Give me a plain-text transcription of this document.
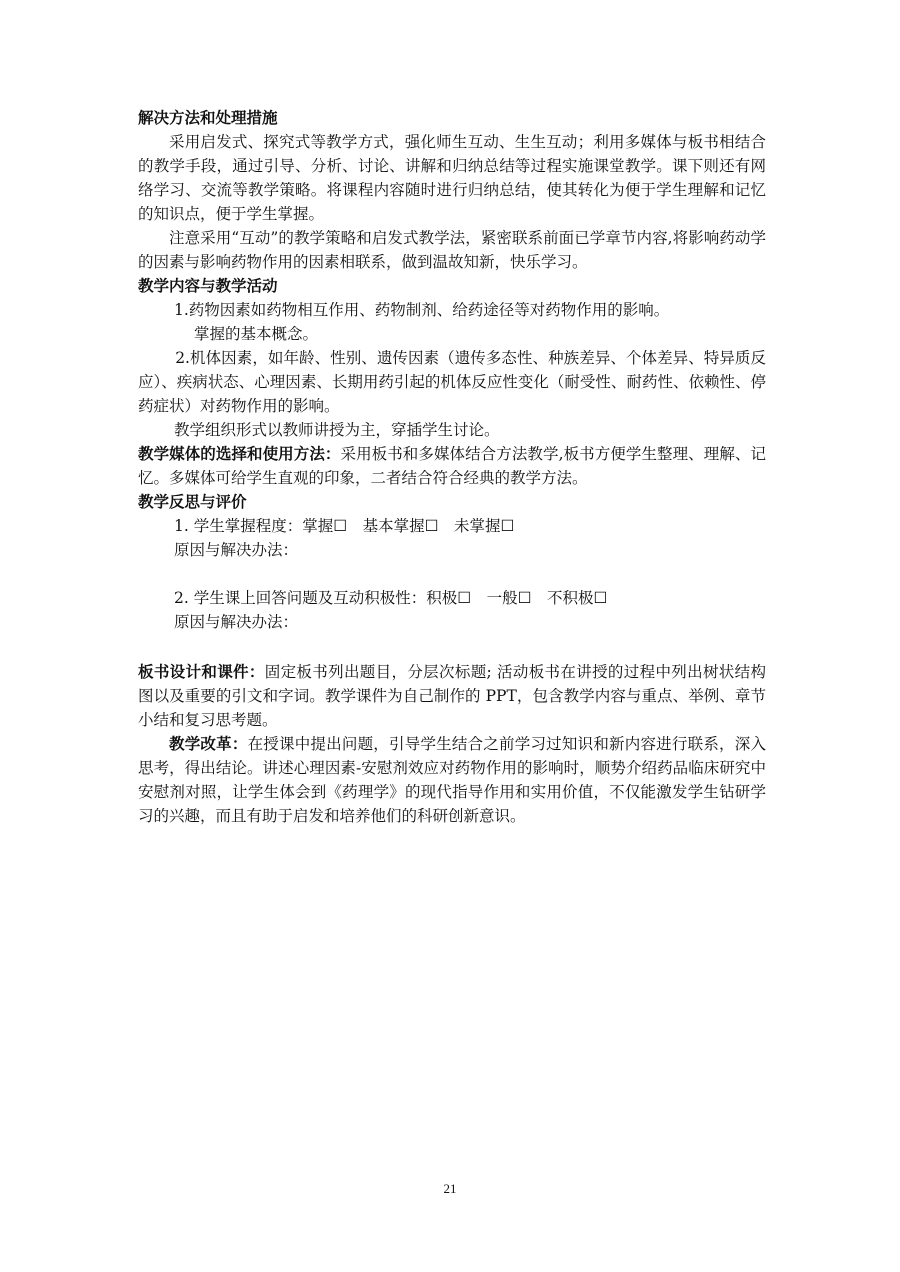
解决方法和处理措施

采用启发式、探究式等教学方式，强化师生互动、生生互动；利用多媒体与板书相结合的教学手段，通过引导、分析、讨论、讲解和归纳总结等过程实施课堂教学。课下则还有网络学习、交流等教学策略。将课程内容随时进行归纳总结，使其转化为便于学生理解和记忆的知识点，便于学生掌握。

注意采用“互动”的教学策略和启发式教学法，紧密联系前面已学章节内容,将影响药动学的因素与影响药物作用的因素相联系，做到温故知新，快乐学习。

教学内容与教学活动

1.药物因素如药物相互作用、药物制剂、给药途径等对药物作用的影响。

掌握的基本概念。

2.机体因素，如年龄、性别、遗传因素（遗传多态性、种族差异、个体差异、特异质反应）、疾病状态、心理因素、长期用药引起的机体反应性变化（耐受性、耐药性、依赖性、停药症状）对药物作用的影响。

教学组织形式以教师讲授为主，穿插学生讨论。

教学媒体的选择和使用方法：采用板书和多媒体结合方法教学,板书方便学生整理、理解、记忆。多媒体可给学生直观的印象，二者结合符合经典的教学方法。

教学反思与评价

1. 学生掌握程度：掌握☐　基本掌握☐　未掌握☐

原因与解决办法：

2. 学生课上回答问题及互动积极性：积极☐　一般☐　不积极☐

原因与解决办法：

板书设计和课件：固定板书列出题目，分层次标题; 活动板书在讲授的过程中列出树状结构图以及重要的引文和字词。教学课件为自己制作的 PPT，包含教学内容与重点、举例、章节小结和复习思考题。

教学改革：在授课中提出问题，引导学生结合之前学习过知识和新内容进行联系，深入思考，得出结论。讲述心理因素-安慰剂效应对药物作用的影响时，顺势介绍药品临床研究中安慰剂对照，让学生体会到《药理学》的现代指导作用和实用价值，不仅能激发学生钻研学习的兴趣，而且有助于启发和培养他们的科研创新意识。

21
